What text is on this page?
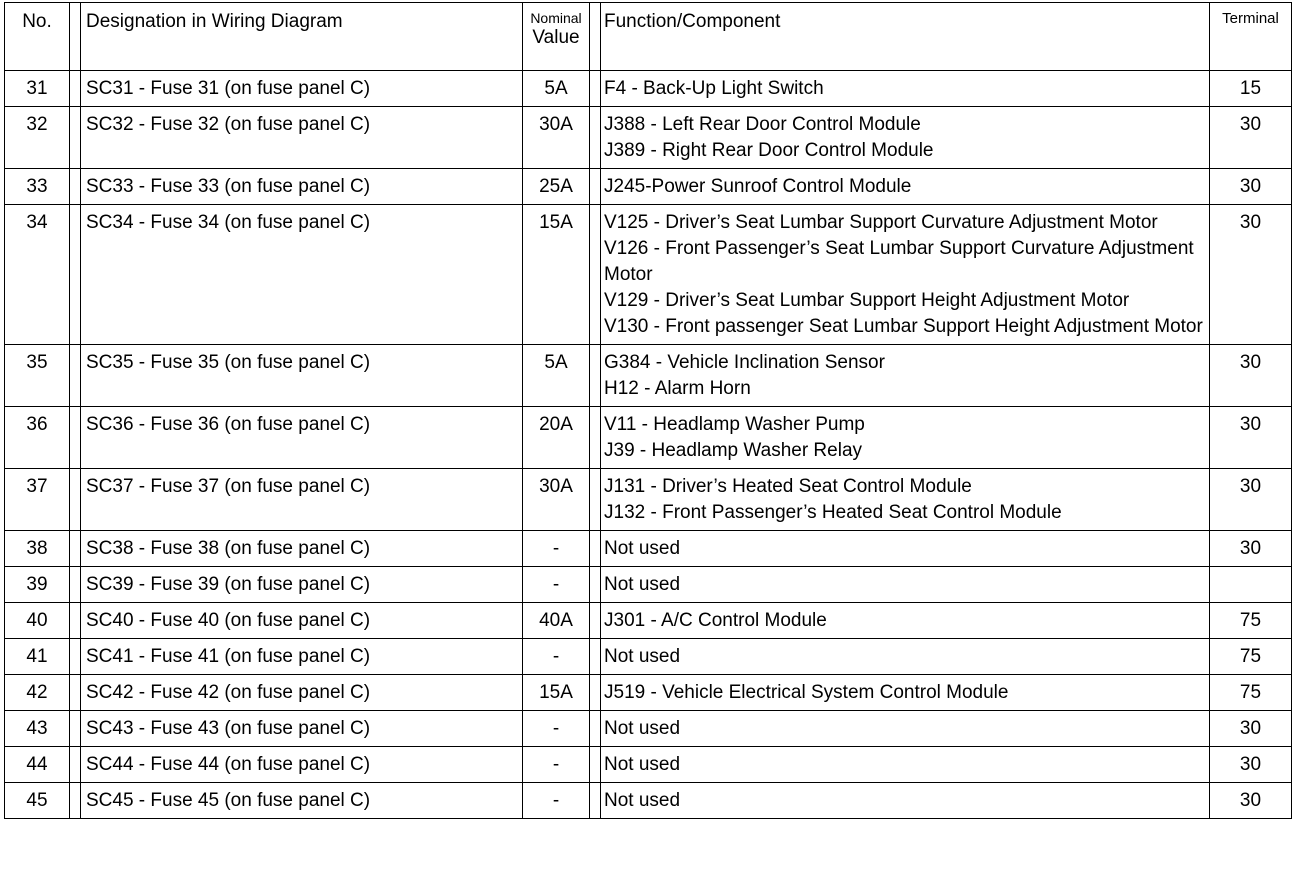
No.		Designation in Wiring Diagram	Nominal
Value		Function/Component	Terminal
31		SC31 - Fuse 31 (on fuse panel C)	5A		F4 - Back-Up Light Switch	15
32		SC32 - Fuse 32 (on fuse panel C)	30A		J388 - Left Rear Door Control Module
J389 - Right Rear Door Control Module	30
33		SC33 - Fuse 33 (on fuse panel C)	25A		J245-Power Sunroof Control Module	30
34		SC34 - Fuse 34 (on fuse panel C)	15A		V125 - Driver’s Seat Lumbar Support Curvature Adjustment Motor
V126 - Front Passenger’s Seat Lumbar Support Curvature Adjustment Motor
V129 - Driver’s Seat Lumbar Support Height Adjustment Motor
V130 - Front passenger Seat Lumbar Support Height Adjustment Motor	30
35		SC35 - Fuse 35 (on fuse panel C)	5A		G384 - Vehicle Inclination Sensor
H12 - Alarm Horn	30
36		SC36 - Fuse 36 (on fuse panel C)	20A		V11 - Headlamp Washer Pump
J39 - Headlamp Washer Relay	30
37		SC37 - Fuse 37 (on fuse panel C)	30A		J131 - Driver’s Heated Seat Control Module
J132 - Front Passenger’s Heated Seat Control Module	30
38		SC38 - Fuse 38 (on fuse panel C)	-		Not used	30
39		SC39 - Fuse 39 (on fuse panel C)	-		Not used	

40		SC40 - Fuse 40 (on fuse panel C)	40A		J301 - A/C Control Module	75
41		SC41 - Fuse 41 (on fuse panel C)	-		Not used	75
42		SC42 - Fuse 42 (on fuse panel C)	15A		J519 - Vehicle Electrical System Control Module	75
43		SC43 - Fuse 43 (on fuse panel C)	-		Not used	30
44		SC44 - Fuse 44 (on fuse panel C)	-		Not used	30
45		SC45 - Fuse 45 (on fuse panel C)	-		Not used	30
